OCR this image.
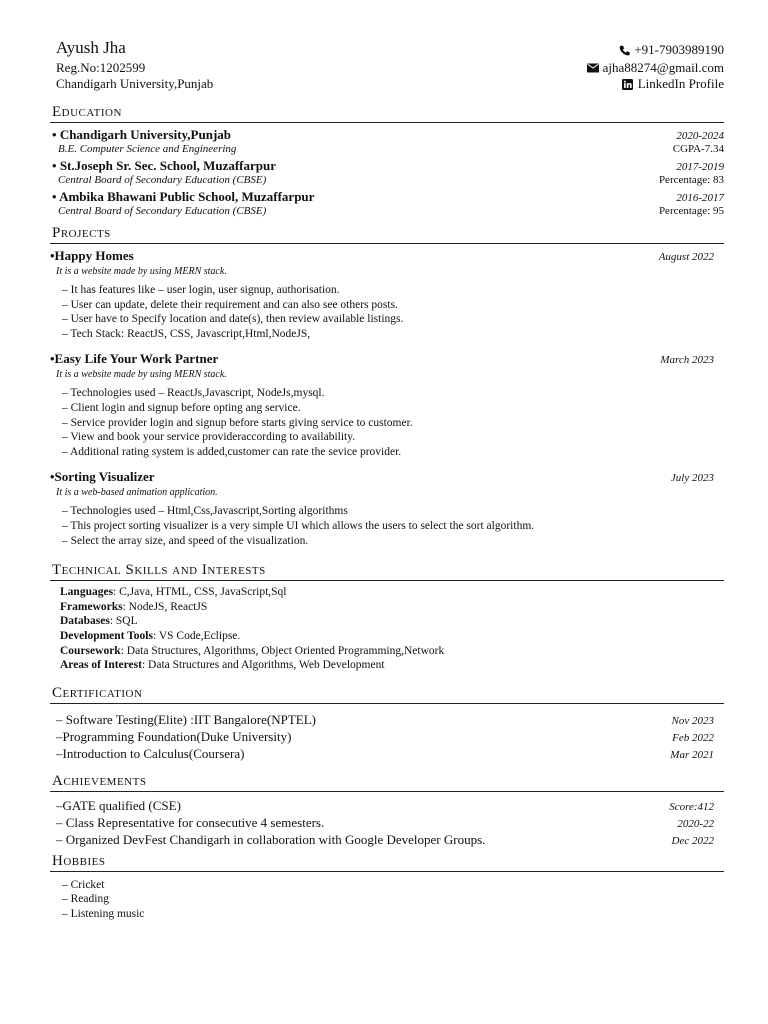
Ayush Jha
Reg.No:1202599
Chandigarh University,Punjab
+91-7903989190
ajha88274@gmail.com
LinkedIn Profile
Education
• Chandigarh University,Punjab	2020-2024
B.E. Computer Science and Engineering	CGPA-7.34
• St.Joseph Sr. Sec. School, Muzaffarpur	2017-2019
Central Board of Secondary Education (CBSE)	Percentage: 83
• Ambika Bhawani Public School, Muzaffarpur	2016-2017
Central Board of Secondary Education (CBSE)	Percentage: 95
Projects
•Happy Homes	August 2022
It is a website made by using MERN stack.
– It has features like – user login, user signup, authorisation.
– User can update, delete their requirement and can also see others posts.
– User have to Specify location and date(s), then review available listings.
– Tech Stack: ReactJS, CSS, Javascript,Html,NodeJS,
•Easy Life Your Work Partner	March 2023
It is a website made by using MERN stack.
– Technologies used – ReactJs,Javascript, NodeJs,mysql.
– Client login and signup before opting ang service.
– Service provider login and signup before starts giving service to customer.
– View and book your service provideraccording to availability.
– Additional rating system is added,customer can rate the sevice provider.
•Sorting Visualizer	July 2023
It is a web-based animation application.
– Technologies used – Html,Css,Javascript,Sorting algorithms
– This project sorting visualizer is a very simple UI which allows the users to select the sort algorithm.
– Select the array size, and speed of the visualization.
Technical Skills and Interests
Languages: C,Java, HTML, CSS, JavaScript,Sql
Frameworks: NodeJS, ReactJS
Databases: SQL
Development Tools: VS Code,Eclipse.
Coursework: Data Structures, Algorithms, Object Oriented Programming,Network
Areas of Interest: Data Structures and Algorithms, Web Development
Certification
– Software Testing(Elite) :IIT Bangalore(NPTEL)	Nov 2023
–Programming Foundation(Duke University)	Feb 2022
–Introduction to Calculus(Coursera)	Mar 2021
Achievements
–GATE qualified (CSE)	Score:412
– Class Representative for consecutive 4 semesters.	2020-22
– Organized DevFest Chandigarh in collaboration with Google Developer Groups.	Dec 2022
Hobbies
– Cricket
– Reading
– Listening music
